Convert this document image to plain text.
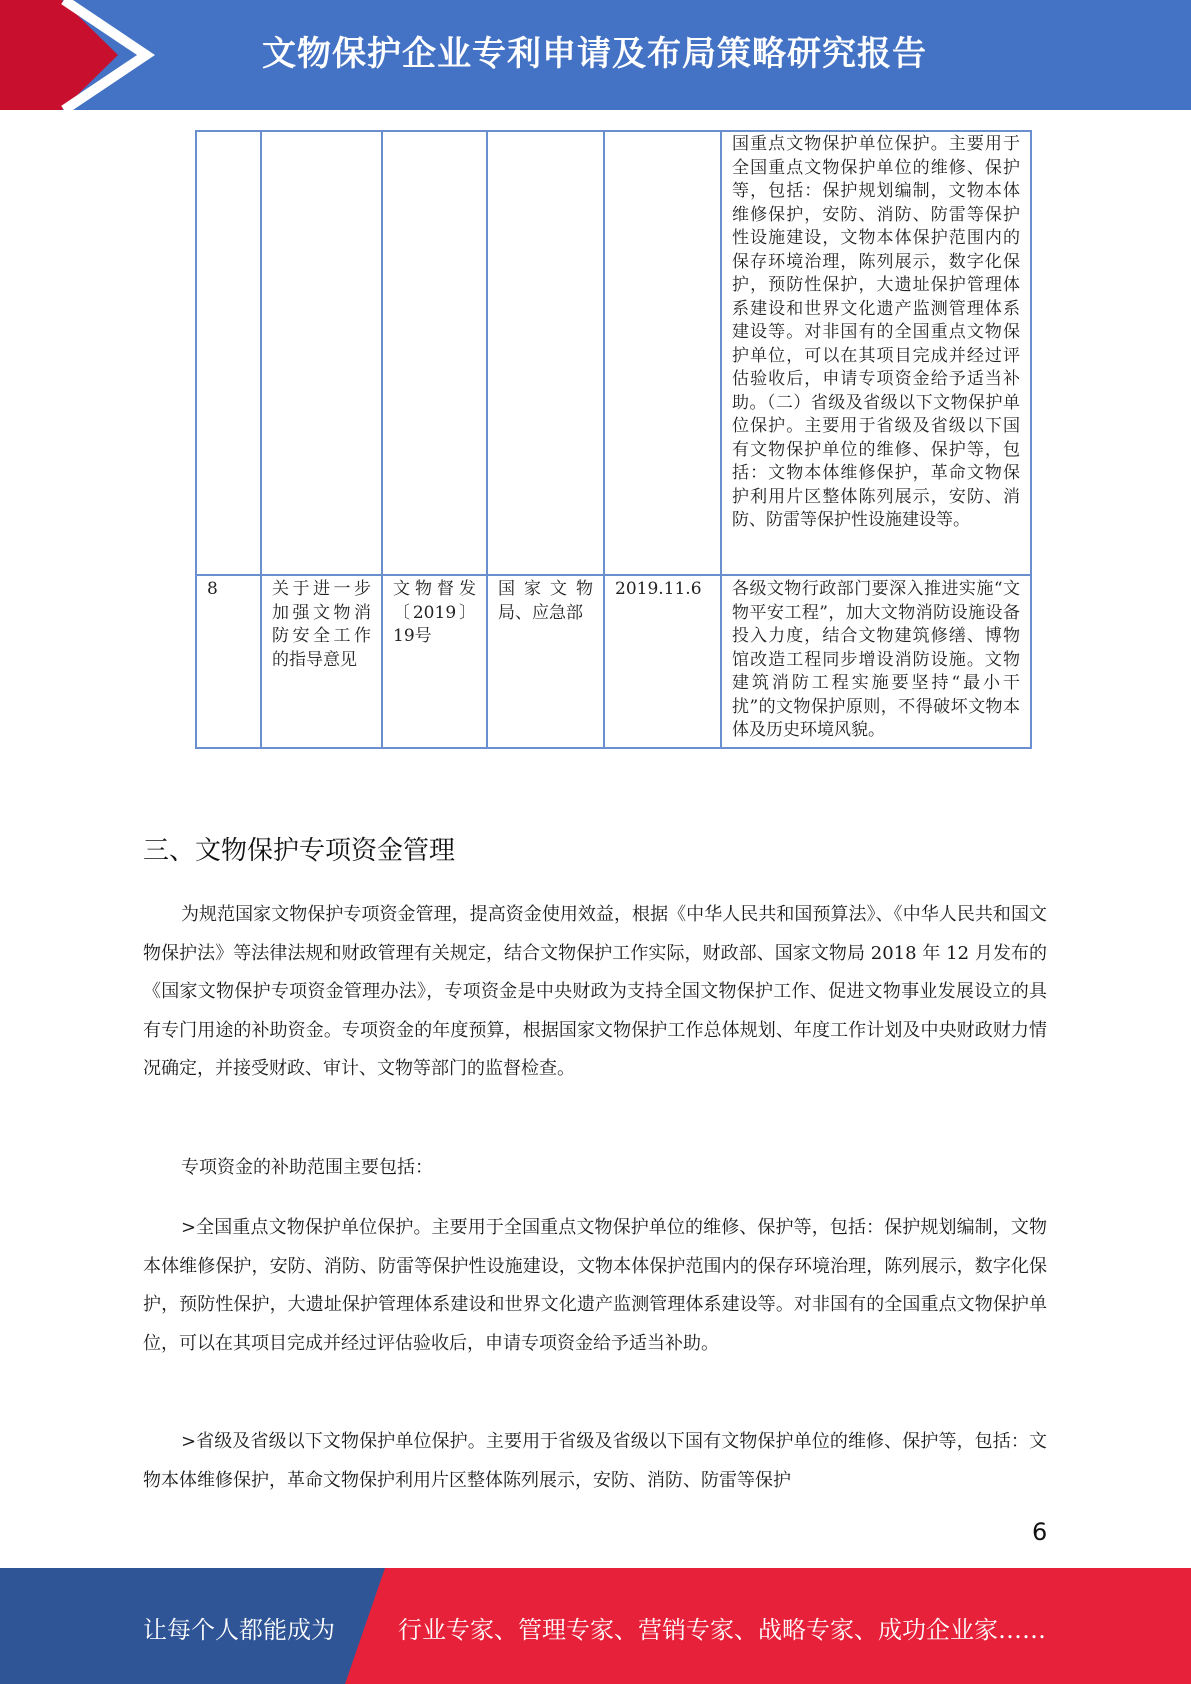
文物保护企业专利申请及布局策略研究报告
					国重点文物保护单位保护。主要用于全国重点文物保护单位的维修、保护等，包括：保护规划编制，文物本体维修保护，安防、消防、防雷等保护性设施建设，文物本体保护范围内的保存环境治理，陈列展示，数字化保护，预防性保护，大遗址保护管理体系建设和世界文化遗产监测管理体系建设等。对非国有的全国重点文物保护单位，可以在其项目完成并经过评估验收后，申请专项资金给予适当补助。（二）省级及省级以下文物保护单位保护。主要用于省级及省级以下国有文物保护单位的维修、保护等，包括：文物本体维修保护，革命文物保护利用片区整体陈列展示，安防、消防、防雷等保护性设施建设等。
8	关于进一步加强文物消防安全工作的指导意见	文物督发〔2019〕19号	国家文物局、应急部	2019.11.6	各级文物行政部门要深入推进实施“文物平安工程”，加大文物消防设施设备投入力度，结合文物建筑修缮、博物馆改造工程同步增设消防设施。文物建筑消防工程实施要坚持“最小干扰”的文物保护原则，不得破坏文物本体及历史环境风貌。
三、文物保护专项资金管理

为规范国家文物保护专项资金管理，提高资金使用效益，根据《中华人民共和国预算法》、《中华人民共和国文物保护法》等法律法规和财政管理有关规定，结合文物保护工作实际，财政部、国家文物局 2018 年 12 月发布的《国家文物保护专项资金管理办法》，专项资金是中央财政为支持全国文物保护工作、促进文物事业发展设立的具有专门用途的补助资金。专项资金的年度预算，根据国家文物保护工作总体规划、年度工作计划及中央财政财力情况确定，并接受财政、审计、文物等部门的监督检查。

专项资金的补助范围主要包括：

>全国重点文物保护单位保护。主要用于全国重点文物保护单位的维修、保护等，包括：保护规划编制，文物本体维修保护，安防、消防、防雷等保护性设施建设，文物本体保护范围内的保存环境治理，陈列展示，数字化保护，预防性保护，大遗址保护管理体系建设和世界文化遗产监测管理体系建设等。对非国有的全国重点文物保护单位，可以在其项目完成并经过评估验收后，申请专项资金给予适当补助。

>省级及省级以下文物保护单位保护。主要用于省级及省级以下国有文物保护单位的维修、保护等，包括：文物本体维修保护，革命文物保护利用片区整体陈列展示，安防、消防、防雷等保护

6
让每个人都能成为	行业专家、管理专家、营销专家、战略专家、成功企业家……
